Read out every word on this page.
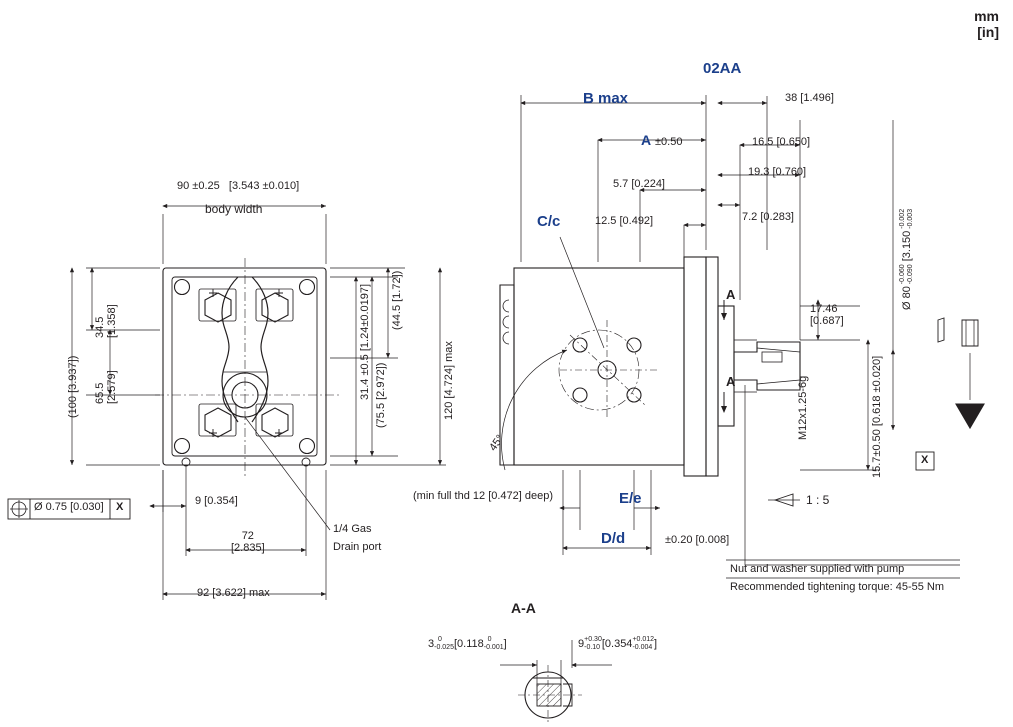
mm
[in]
02AA
90 ±0.25   [3.543 ±0.010]
body width
34.5
[1.358]
65.5
[2.579]
(100 [3.937])
9 [0.354]
72
[2.835]
92 [3.622] max
1/4 Gas
Drain port
Ø 0.75 [0.030] X
(44.5 [1.72])
31.4 ±0.5 [1.24±0.0197]	120 [4.724] max
(75.5 [2.972])
B max	38 [1.496]
A ±0.50	16.5 [0.650]
19.3 [0.760]
5.7 [0.224]
7.2 [0.283]
12.5 [0.492]
C/c
E/e
D/d	±0.20 [0.008]
45°
(min full thd 12 [0.472] deep)
A
A
1 : 5
17.46
[0.687]
Ø 80 -0.060
-0.090 [3.150 -0.002
-0.003
M12x1.25-6g	15.7±0.50 [0.618 ±0.020]	X
Nut and washer supplied with pump
Recommended tightening torque: 45-55 Nm
A-A
3  0
-0.025[0.118  0
-0.001]	9+0.30
-0.10 [0.354+0.012
-0.004 ]
